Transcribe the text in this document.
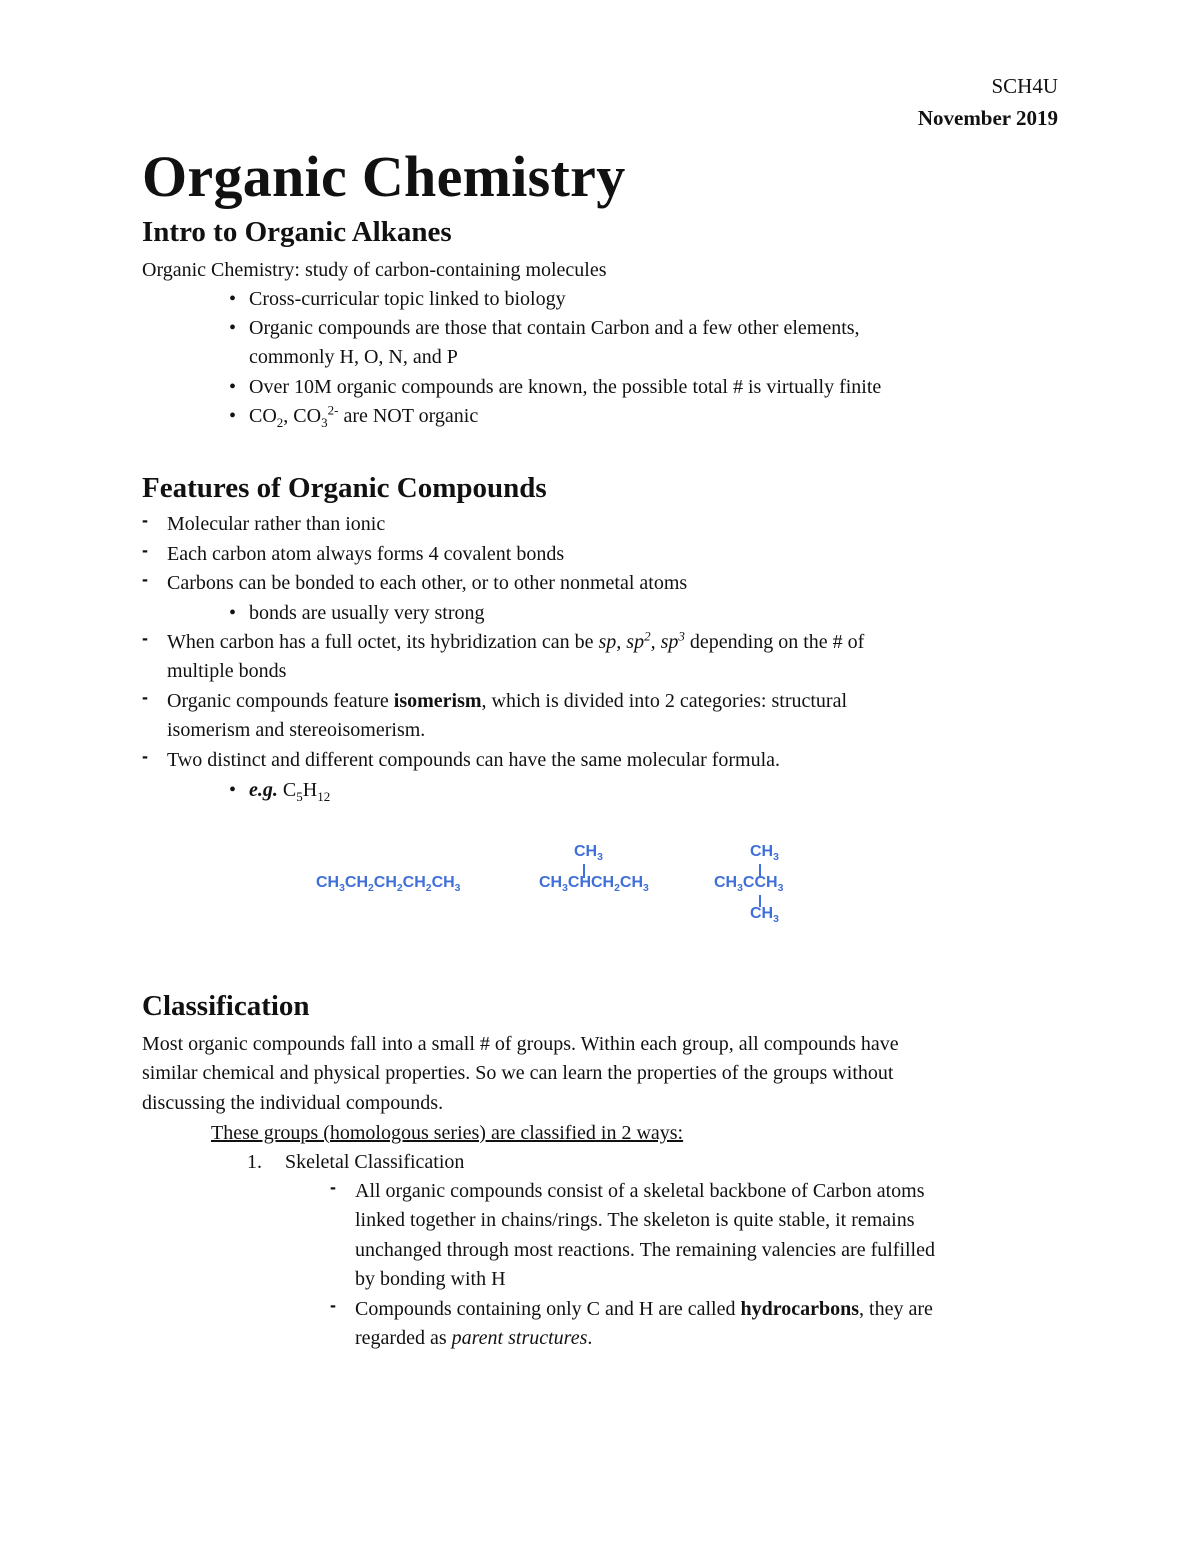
SCH4U
November 2019
Organic Chemistry
Intro to Organic Alkanes
Organic Chemistry: study of carbon-containing molecules
• Cross-curricular topic linked to biology
• Organic compounds are those that contain Carbon and a few other elements,
commonly H, O, N, and P
• Over 10M organic compounds are known, the possible total # is virtually finite
• $CO_2$, $CO_3^{2-}$ are NOT organic
Features of Organic Compounds
- Molecular rather than ionic
- Each carbon atom always forms 4 covalent bonds
- Carbons can be bonded to each other, or to other nonmetal atoms
• bonds are usually very strong
- When carbon has a full octet, its hybridization can be sp, $sp^2$, $sp^3$ depending on the # of
multiple bonds
- Organic compounds feature isomerism, which is divided into 2 categories: structural
isomerism and stereoisomerism.
- Two distinct and different compounds can have the same molecular formula.
• e.g. $C_5H_{12}$
$CH_3CH_2CH_2CH_2CH_3$
$CH_3$
$CH_3CHCH_2CH_3$
$CH_3$
$CH_3CCH_3$
$CH_3$
Classification
Most organic compounds fall into a small # of groups. Within each group, all compounds have
similar chemical and physical properties. So we can learn the properties of the groups without
discussing the individual compounds.
These groups (homologous series) are classified in 2 ways:
1. Skeletal Classification
- All organic compounds consist of a skeletal backbone of Carbon atoms
linked together in chains/rings. The skeleton is quite stable, it remains
unchanged through most reactions. The remaining valencies are fulfilled
by bonding with H
- Compounds containing only C and H are called hydrocarbons, they are
regarded as parent structures.
